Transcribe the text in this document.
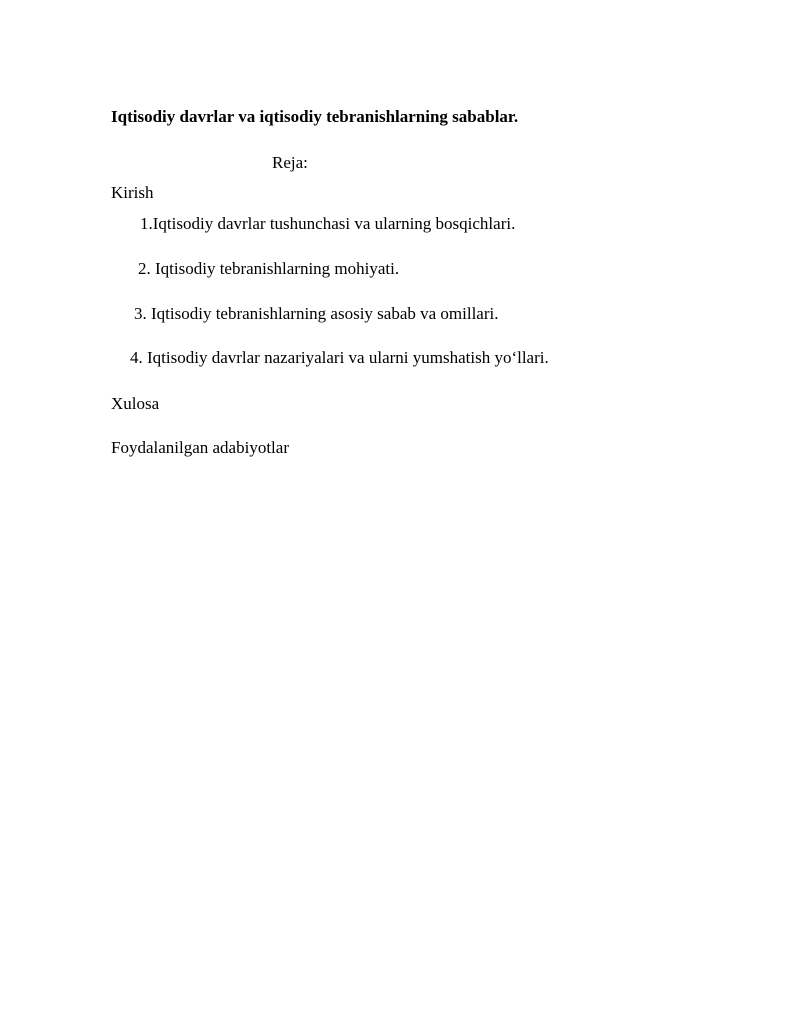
Iqtisodiy davrlar va iqtisodiy tebranishlarning sabablar.

Reja:

Kirish

1.Iqtisodiy davrlar tushunchasi va ularning bosqichlari.

2. Iqtisodiy tebranishlarning mohiyati.

3. Iqtisodiy tebranishlarning asosiy sabab va omillari.

4. Iqtisodiy davrlar nazariyalari va ularni yumshatish yo‘llari.

Xulosa

Foydalanilgan adabiyotlar
